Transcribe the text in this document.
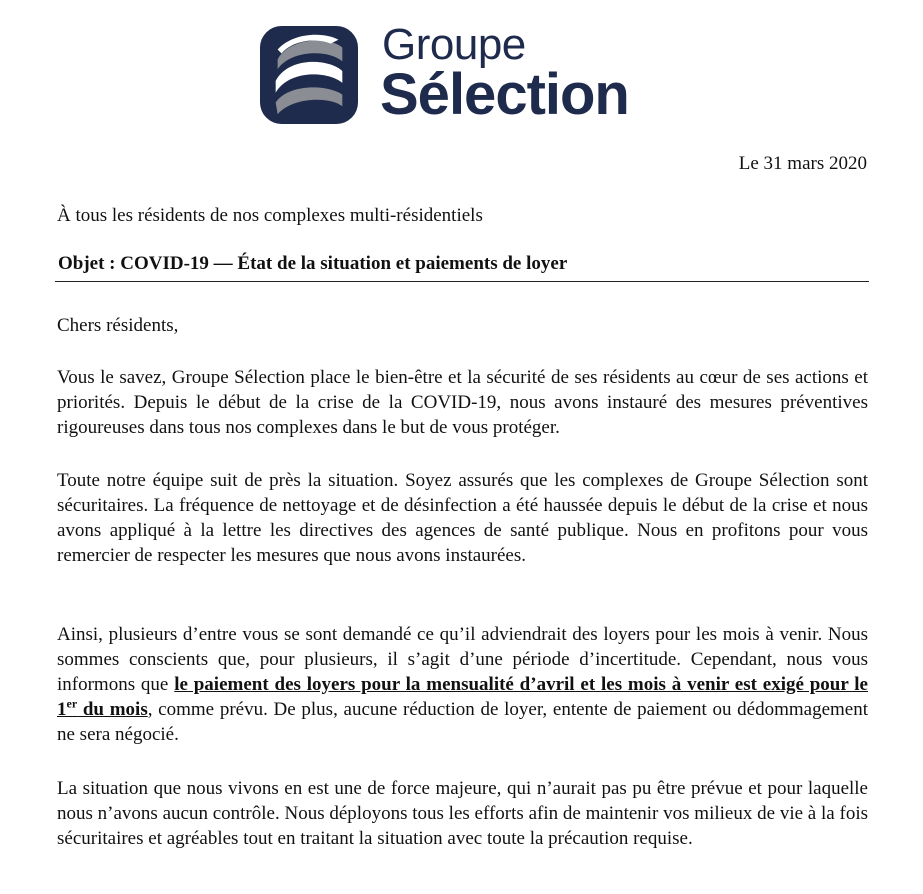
Groupe
Sélection
Le 31 mars 2020
À tous les résidents de nos complexes multi-résidentiels
Objet : COVID-19 — État de la situation et paiements de loyer
Chers résidents,
Vous le savez, Groupe Sélection place le bien-être et la sécurité de ses résidents au cœur de ses actions et priorités. Depuis le début de la crise de la COVID-19, nous avons instauré des mesures préventives rigoureuses dans tous nos complexes dans le but de vous protéger.
Toute notre équipe suit de près la situation. Soyez assurés que les complexes de Groupe Sélection sont sécuritaires. La fréquence de nettoyage et de désinfection a été haussée depuis le début de la crise et nous avons appliqué à la lettre les directives des agences de santé publique. Nous en profitons pour vous remercier de respecter les mesures que nous avons instaurées.
Ainsi, plusieurs d’entre vous se sont demandé ce qu’il adviendrait des loyers pour les mois à venir. Nous sommes conscients que, pour plusieurs, il s’agit d’une période d’incertitude. Cependant, nous vous informons que le paiement des loyers pour la mensualité d’avril et les mois à venir est exigé pour le 1er du mois, comme prévu. De plus, aucune réduction de loyer, entente de paiement ou dédommagement ne sera négocié.
La situation que nous vivons en est une de force majeure, qui n’aurait pas pu être prévue et pour laquelle nous n’avons aucun contrôle. Nous déployons tous les efforts afin de maintenir vos milieux de vie à la fois sécuritaires et agréables tout en traitant la situation avec toute la précaution requise.
